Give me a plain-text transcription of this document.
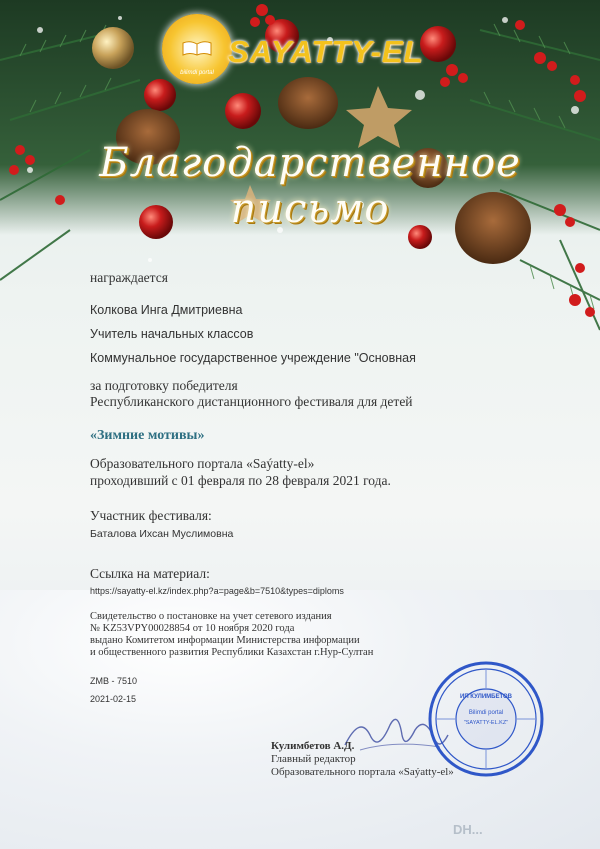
bilimdi portal
SAYATTY-EL
Благодарственное письмо
награждается
Колкова Инга Дмитриевна
Учитель начальных классов
Коммунальное государственное учреждение "Основная
за подготовку победителя
Республиканского дистанционного фестиваля для детей
«Зимние мотивы»
Образовательного портала «Saýatty-el»
проходивший с 01 февраля по 28 февраля 2021 года.
Участник фестиваля:
Баталова Ихсан Муслимовна
Ссылка на материал:
https://sayatty-el.kz/index.php?a=page&b=7510&types=diploms
Свидетельство о постановке на учет сетевого издания
№ KZ53VPY00028854 от 10 ноября 2020 года
выдано Комитетом информации Министерства информации
и общественного развития Республики Казахстан г.Нур-Султан
ZMB - 7510
2021-02-15
Bilimdi portal
"SAYATTY-EL.KZ"
ИП КУЛИМБЕТОВ
Кулимбетов А.Д.
Главный редактор
Образовательного портала «Saýatty-el»
DH...
